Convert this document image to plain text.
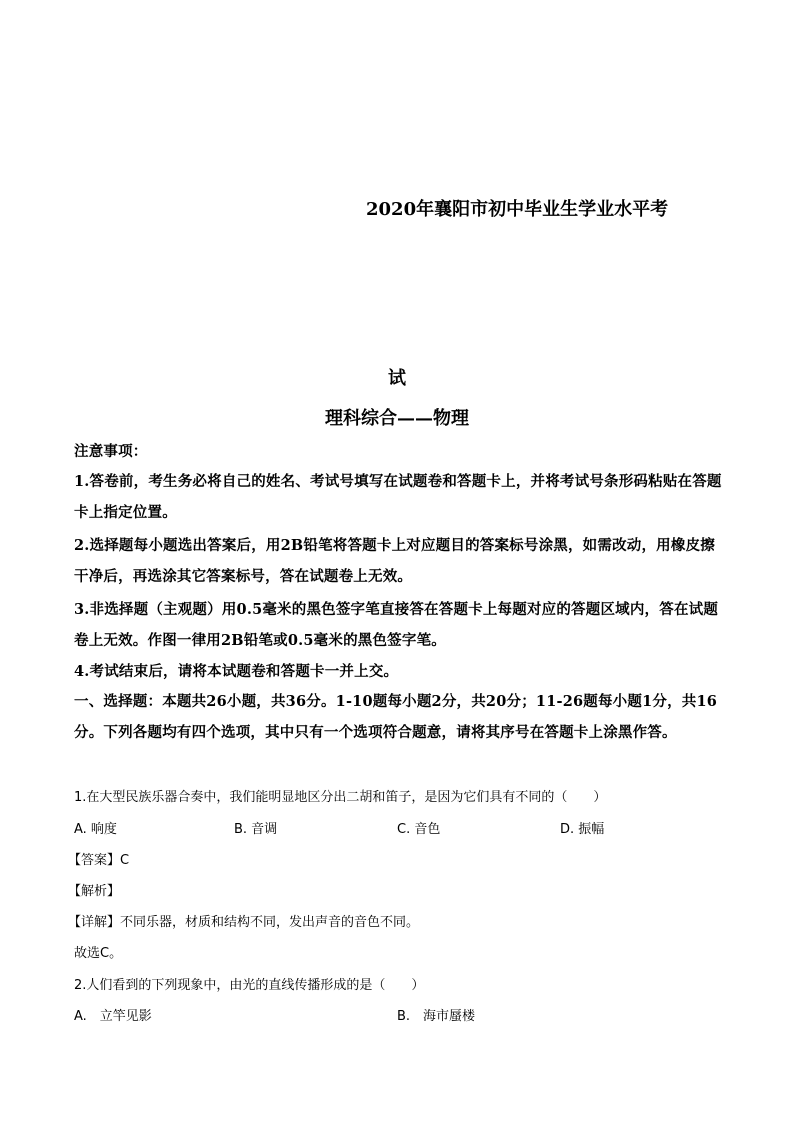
2020年襄阳市初中毕业生学业水平考
试
理科综合——物理
注意事项：
1.答卷前，考生务必将自己的姓名、考试号填写在试题卷和答题卡上，并将考试号条形码粘贴在答题卡上指定位置。
2.选择题每小题选出答案后，用2B铅笔将答题卡上对应题目的答案标号涂黑，如需改动，用橡皮擦干净后，再选涂其它答案标号，答在试题卷上无效。
3.非选择题（主观题）用0.5毫米的黑色签字笔直接答在答题卡上每题对应的答题区域内，答在试题卷上无效。作图一律用2B铅笔或0.5毫米的黑色签字笔。
4.考试结束后，请将本试题卷和答题卡一并上交。
一、选择题：本题共26小题，共36分。1-10题每小题2分，共20分；11-26题每小题1分，共16分。下列各题均有四个选项，其中只有一个选项符合题意，请将其序号在答题卡上涂黑作答。
1.在大型民族乐器合奏中，我们能明显地区分出二胡和笛子，是因为它们具有不同的（　　）
A. 响度	B. 音调	C. 音色	D. 振幅
【答案】C
【解析】
【详解】不同乐器，材质和结构不同，发出声音的音色不同。
故选C。
2.人们看到的下列现象中，由光的直线传播形成的是（　　）
A.　立竿见影	B.　海市蜃楼
